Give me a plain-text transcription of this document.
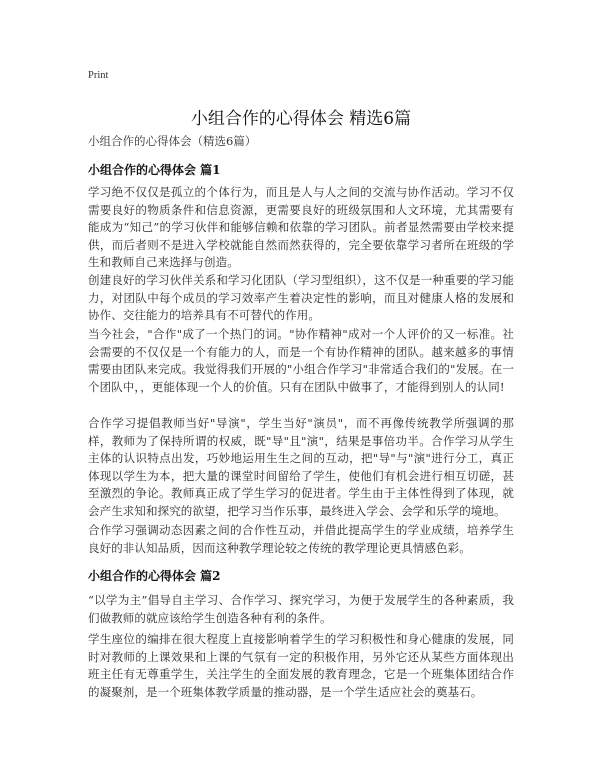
Print
小组合作的心得体会 精选6篇
小组合作的心得体会（精选6篇）
小组合作的心得体会 篇1

学习绝不仅仅是孤立的个体行为，而且是人与人之间的交流与协作活动。学习不仅需要良好的物质条件和信息资源，更需要良好的班级氛围和人文环境，尤其需要有能成为“知己”的学习伙伴和能够信赖和依靠的学习团队。前者显然需要由学校来提供，而后者则不是进入学校就能自然而然获得的，完全要依靠学习者所在班级的学生和教师自己来选择与创造。

创建良好的学习伙伴关系和学习化团队（学习型组织），这不仅是一种重要的学习能力，对团队中每个成员的学习效率产生着决定性的影响，而且对健康人格的发展和协作、交往能力的培养具有不可替代的作用。

当今社会，"合作"成了一个热门的词。"协作精神"成对一个人评价的又一标准。社会需要的不仅仅是一个有能力的人，而是一个有协作精神的团队。越来越多的事情需要由团队来完成。我觉得我们开展的"小组合作学习"非常适合我们的"发展。在一个团队中，，更能体现一个人的价值。只有在团队中做事了，才能得到别人的认同!

合作学习提倡教师当好"导演"，学生当好"演员"，而不再像传统教学所强调的那样，教师为了保持所谓的权威，既"导"且"演"，结果是事倍功半。合作学习从学生主体的认识特点出发，巧妙地运用生生之间的互动，把"导"与"演"进行分工，真正体现以学生为本，把大量的课堂时间留给了学生，使他们有机会进行相互切磋，甚至激烈的争论。教师真正成了学生学习的促进者。学生由于主体性得到了体现，就会产生求知和探究的欲望，把学习当作乐事，最终进入学会、会学和乐学的境地。

合作学习强调动态因素之间的合作性互动，并借此提高学生的学业成绩，培养学生良好的非认知品质，因而这种教学理论较之传统的教学理论更具情感色彩。

小组合作的心得体会 篇2

“以学为主”倡导自主学习、合作学习、探究学习，为便于发展学生的各种素质，我们做教师的就应该给学生创造各种有利的条件。

学生座位的编排在很大程度上直接影响着学生的学习积极性和身心健康的发展，同时对教师的上课效果和上课的气氛有一定的积极作用，另外它还从某些方面体现出班主任有无尊重学生，关注学生的全面发展的教育理念，它是一个班集体团结合作的凝聚剂，是一个班集体教学质量的推动器，是一个学生适应社会的奠基石。
